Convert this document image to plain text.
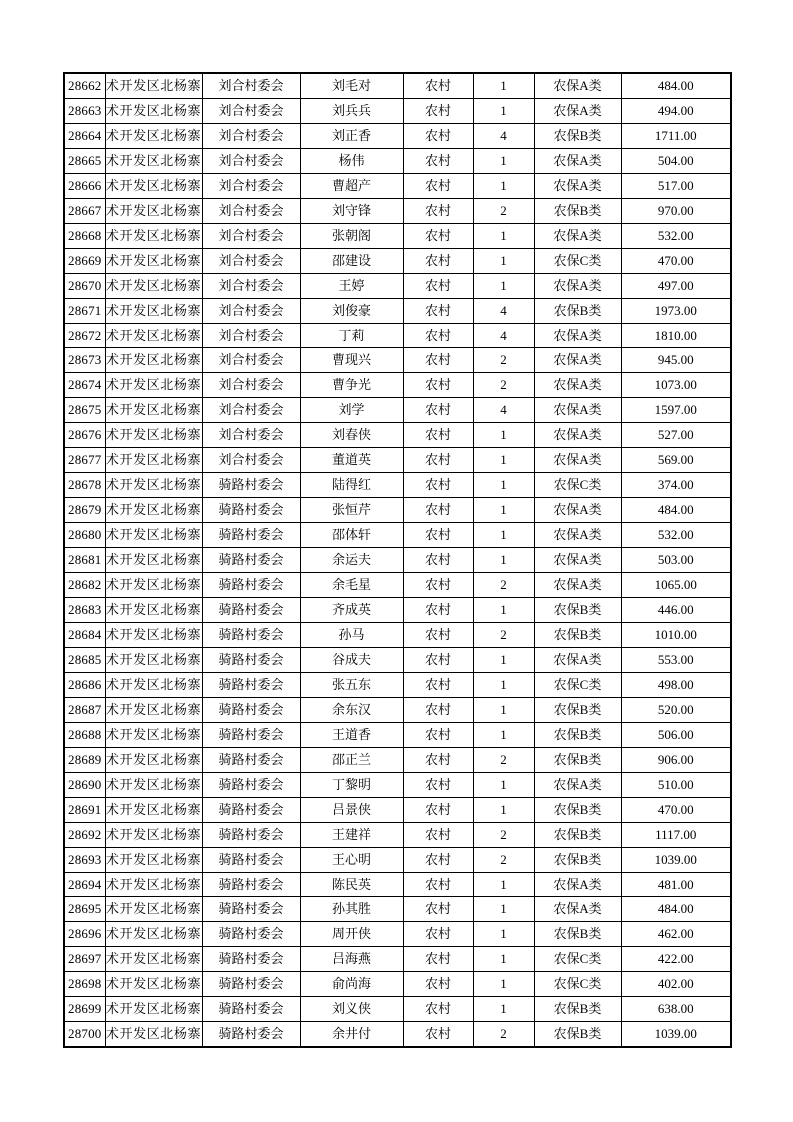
28662	术开发区北杨寨	刘合村委会	刘毛对	农村	1	农保A类	484.00
28663	术开发区北杨寨	刘合村委会	刘兵兵	农村	1	农保A类	494.00
28664	术开发区北杨寨	刘合村委会	刘正香	农村	4	农保B类	1711.00
28665	术开发区北杨寨	刘合村委会	杨伟	农村	1	农保A类	504.00
28666	术开发区北杨寨	刘合村委会	曹超产	农村	1	农保A类	517.00
28667	术开发区北杨寨	刘合村委会	刘守锋	农村	2	农保B类	970.00
28668	术开发区北杨寨	刘合村委会	张朝阁	农村	1	农保A类	532.00
28669	术开发区北杨寨	刘合村委会	邵建设	农村	1	农保C类	470.00
28670	术开发区北杨寨	刘合村委会	王婷	农村	1	农保A类	497.00
28671	术开发区北杨寨	刘合村委会	刘俊豪	农村	4	农保B类	1973.00
28672	术开发区北杨寨	刘合村委会	丁莉	农村	4	农保A类	1810.00
28673	术开发区北杨寨	刘合村委会	曹现兴	农村	2	农保A类	945.00
28674	术开发区北杨寨	刘合村委会	曹争光	农村	2	农保A类	1073.00
28675	术开发区北杨寨	刘合村委会	刘学	农村	4	农保A类	1597.00
28676	术开发区北杨寨	刘合村委会	刘春侠	农村	1	农保A类	527.00
28677	术开发区北杨寨	刘合村委会	董道英	农村	1	农保A类	569.00
28678	术开发区北杨寨	骑路村委会	陆得红	农村	1	农保C类	374.00
28679	术开发区北杨寨	骑路村委会	张恒芹	农村	1	农保A类	484.00
28680	术开发区北杨寨	骑路村委会	邵体轩	农村	1	农保A类	532.00
28681	术开发区北杨寨	骑路村委会	余运夫	农村	1	农保A类	503.00
28682	术开发区北杨寨	骑路村委会	余毛星	农村	2	农保A类	1065.00
28683	术开发区北杨寨	骑路村委会	齐成英	农村	1	农保B类	446.00
28684	术开发区北杨寨	骑路村委会	孙马	农村	2	农保B类	1010.00
28685	术开发区北杨寨	骑路村委会	谷成夫	农村	1	农保A类	553.00
28686	术开发区北杨寨	骑路村委会	张五东	农村	1	农保C类	498.00
28687	术开发区北杨寨	骑路村委会	余东汉	农村	1	农保B类	520.00
28688	术开发区北杨寨	骑路村委会	王道香	农村	1	农保B类	506.00
28689	术开发区北杨寨	骑路村委会	邵正兰	农村	2	农保B类	906.00
28690	术开发区北杨寨	骑路村委会	丁黎明	农村	1	农保A类	510.00
28691	术开发区北杨寨	骑路村委会	吕景侠	农村	1	农保B类	470.00
28692	术开发区北杨寨	骑路村委会	王建祥	农村	2	农保B类	1117.00
28693	术开发区北杨寨	骑路村委会	王心明	农村	2	农保B类	1039.00
28694	术开发区北杨寨	骑路村委会	陈民英	农村	1	农保A类	481.00
28695	术开发区北杨寨	骑路村委会	孙其胜	农村	1	农保A类	484.00
28696	术开发区北杨寨	骑路村委会	周开侠	农村	1	农保B类	462.00
28697	术开发区北杨寨	骑路村委会	吕海燕	农村	1	农保C类	422.00
28698	术开发区北杨寨	骑路村委会	俞尚海	农村	1	农保C类	402.00
28699	术开发区北杨寨	骑路村委会	刘义侠	农村	1	农保B类	638.00
28700	术开发区北杨寨	骑路村委会	余井付	农村	2	农保B类	1039.00
